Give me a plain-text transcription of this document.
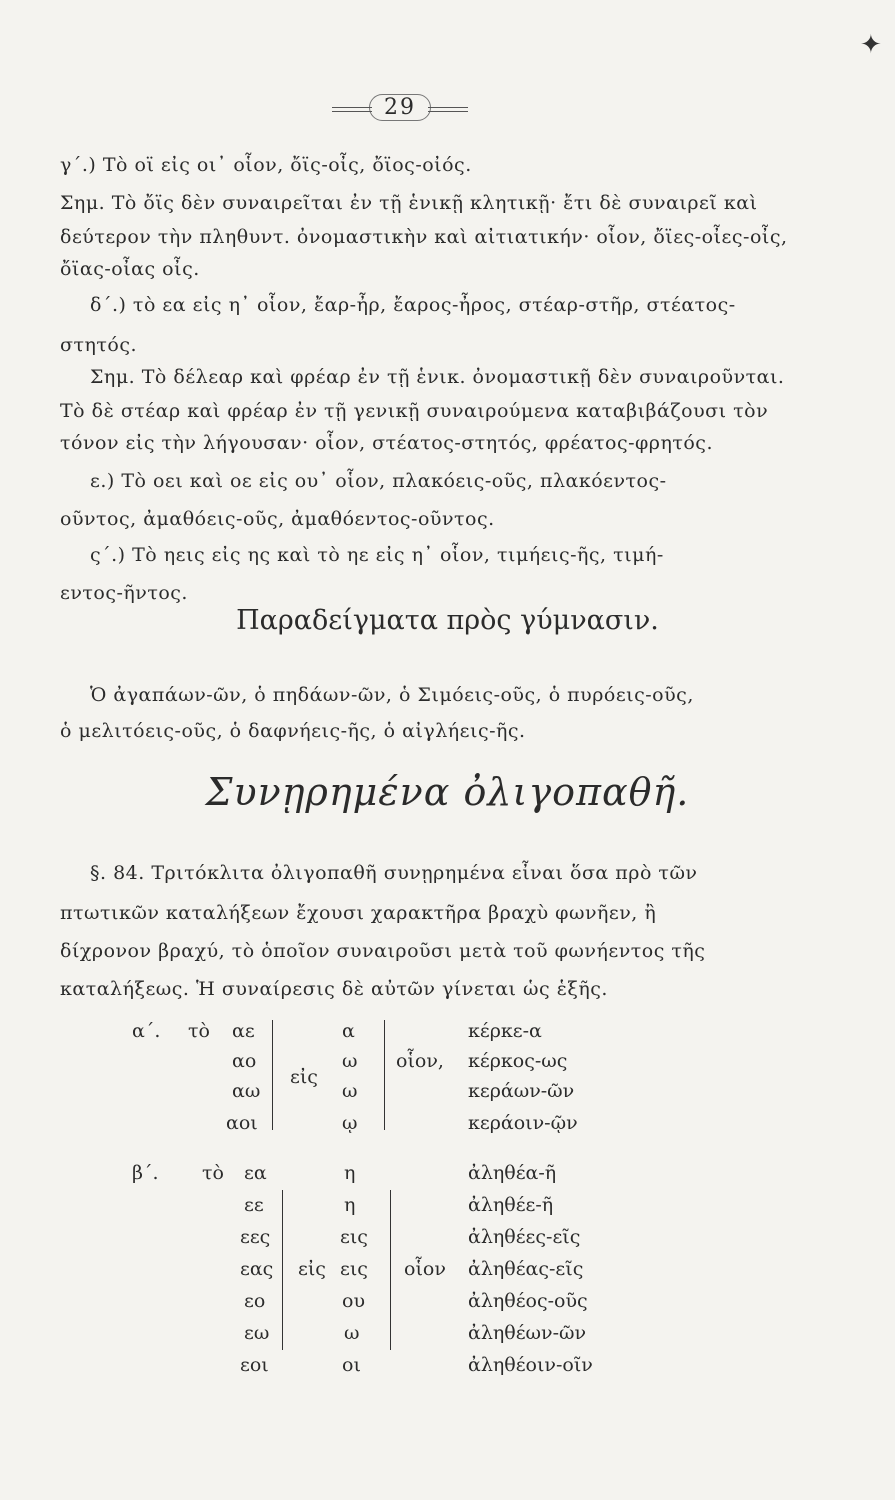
✦
29
γ΄.) Τὸ οϊ εἰς οι᾿ οἷον, ὄϊς-οἶς, ὄϊος-οἰός.
Σημ. Τὸ ὄϊς δὲν συναιρεῖται ἐν τῇ ἑνικῇ κλητικῇ· ἔτι δὲ συναιρεῖ καὶ
δεύτερον τὴν πληθυντ. ὀνομαστικὴν καὶ αἰτιατικήν· οἷον, ὄϊες-οἶες-οἶς,
ὄϊας-οἶας οἶς.
δ΄.) τὸ εα εἰς η᾿ οἷον, ἔαρ-ἦρ, ἔαρος-ἦρος, στέαρ-στῆρ, στέατος-
στητός.
Σημ. Τὸ δέλεαρ καὶ φρέαρ ἐν τῇ ἑνικ. ὀνομαστικῇ δὲν συναιροῦνται.
Τὸ δὲ στέαρ καὶ φρέαρ ἐν τῇ γενικῇ συναιρούμενα καταβιβάζουσι τὸν
τόνον εἰς τὴν λήγουσαν· οἷον, στέατος-στητός, φρέατος-φρητός.
ε.) Τὸ οει καὶ οε εἰς ου᾿ οἷον, πλακόεις-οῦς, πλακόεντος-
οῦντος, ἀμαθόεις-οῦς, ἀμαθόεντος-οῦντος.
ς΄.) Τὸ ηεις εἰς ης καὶ τὸ ηε εἰς η᾿ οἷον, τιμήεις-ῆς, τιμή-
εντος-ῆντος.
Παραδείγματα πρὸς γύμνασιν.
Ὁ ἀγαπάων-ῶν, ὁ πηδάων-ῶν, ὁ Σιμόεις-οῦς, ὁ πυρόεις-οῦς,
ὁ μελιτόεις-οῦς, ὁ δαφνήεις-ῆς, ὁ αἰγλήεις-ῆς.
Συνῃρημένα ὀλιγοπαθῆ.
§. 84. Τριτόκλιτα ὀλιγοπαθῆ συνῃρημένα εἶναι ὅσα πρὸ τῶν
πτωτικῶν καταλήξεων ἔχουσι χαρακτῆρα βραχὺ φωνῆεν, ἢ
δίχρονον βραχύ, τὸ ὁποῖον συναιροῦσι μετὰ τοῦ φωνήεντος τῆς
καταλήξεως. Ἡ συναίρεσις δὲ αὐτῶν γίνεται ὡς ἑξῆς.
α΄. τὸ αε
αο
αω
αοι
εἰς
α
ω
ω
ῳ
οἷον,
κέρκε-α
κέρκος-ως
κεράων-ῶν
κεράοιν-ῷν
β΄. τὸ εα
εε
εες
εας
εο
εω
εοι
εἰς
η
η
εις
εις
ου
ω
οι
οἷον
ἀληθέα-ῆ
ἀληθέε-ῆ
ἀληθέες-εῖς
ἀληθέας-εῖς
ἀληθέος-οῦς
ἀληθέων-ῶν
ἀληθέοιν-οῖν
